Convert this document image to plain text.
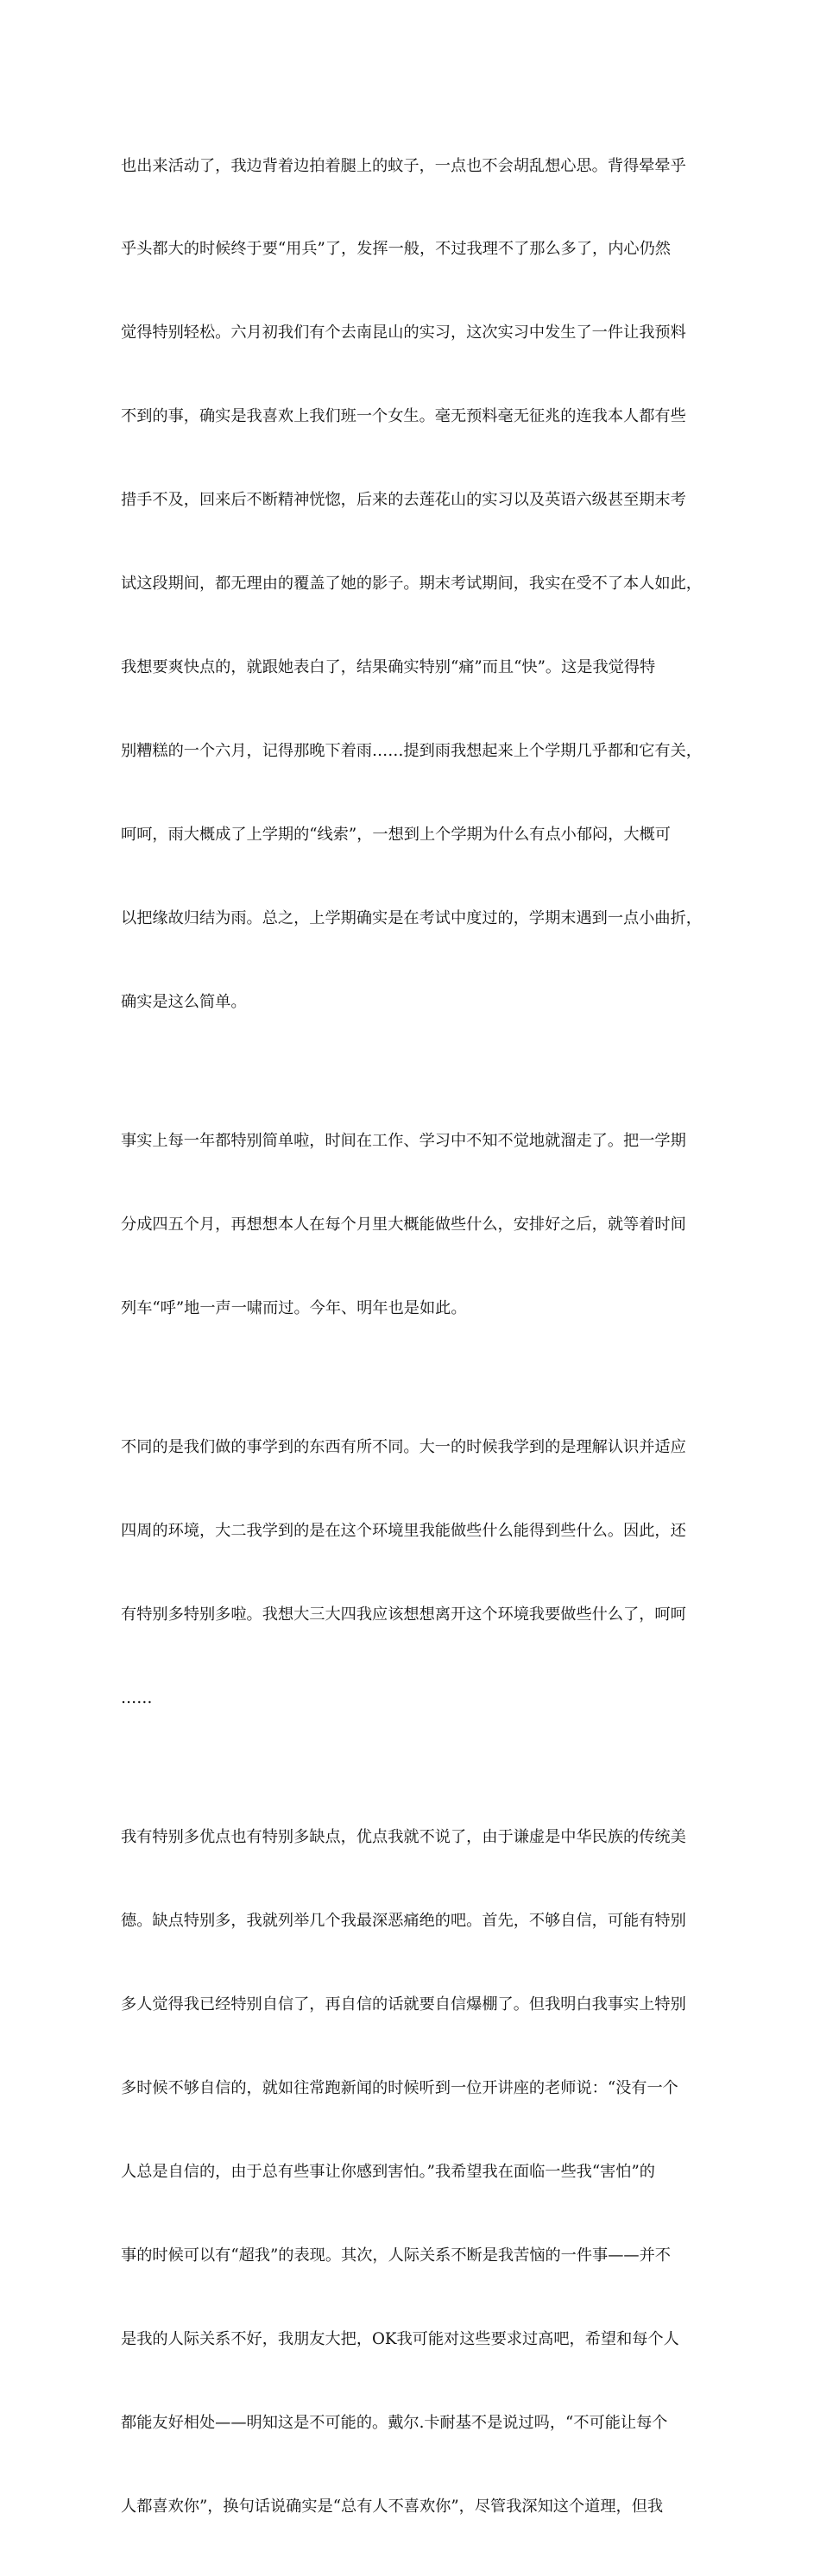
也出来活动了，我边背着边拍着腿上的蚊子，一点也不会胡乱想心思。背得晕晕乎

乎头都大的时候终于要“用兵”了，发挥一般，不过我理不了那么多了，内心仍然

觉得特别轻松。六月初我们有个去南昆山的实习，这次实习中发生了一件让我预料

不到的事，确实是我喜欢上我们班一个女生。毫无预料毫无征兆的连我本人都有些

措手不及，回来后不断精神恍惚，后来的去莲花山的实习以及英语六级甚至期末考

试这段期间，都无理由的覆盖了她的影子。期末考试期间，我实在受不了本人如此，

我想要爽快点的，就跟她表白了，结果确实特别“痛”而且“快”。这是我觉得特

别糟糕的一个六月，记得那晚下着雨……提到雨我想起来上个学期几乎都和它有关，

呵呵，雨大概成了上学期的“线索”，一想到上个学期为什么有点小郁闷，大概可

以把缘故归结为雨。总之，上学期确实是在考试中度过的，学期末遇到一点小曲折，

确实是这么简单。

事实上每一年都特别简单啦，时间在工作、学习中不知不觉地就溜走了。把一学期

分成四五个月，再想想本人在每个月里大概能做些什么，安排好之后，就等着时间

列车“呼”地一声一啸而过。今年、明年也是如此。

不同的是我们做的事学到的东西有所不同。大一的时候我学到的是理解认识并适应

四周的环境，大二我学到的是在这个环境里我能做些什么能得到些什么。因此，还

有特别多特别多啦。我想大三大四我应该想想离开这个环境我要做些什么了，呵呵

……

我有特别多优点也有特别多缺点，优点我就不说了，由于谦虚是中华民族的传统美

德。缺点特别多，我就列举几个我最深恶痛绝的吧。首先，不够自信，可能有特别

多人觉得我已经特别自信了，再自信的话就要自信爆棚了。但我明白我事实上特别

多时候不够自信的，就如往常跑新闻的时候听到一位开讲座的老师说：“没有一个

人总是自信的，由于总有些事让你感到害怕。”我希望我在面临一些我“害怕”的

事的时候可以有“超我”的表现。其次，人际关系不断是我苦恼的一件事——并不

是我的人际关系不好，我朋友大把，OK我可能对这些要求过高吧，希望和每个人

都能友好相处——明知这是不可能的。戴尔.卡耐基不是说过吗，“不可能让每个

人都喜欢你”，换句话说确实是“总有人不喜欢你”，尽管我深知这个道理，但我
